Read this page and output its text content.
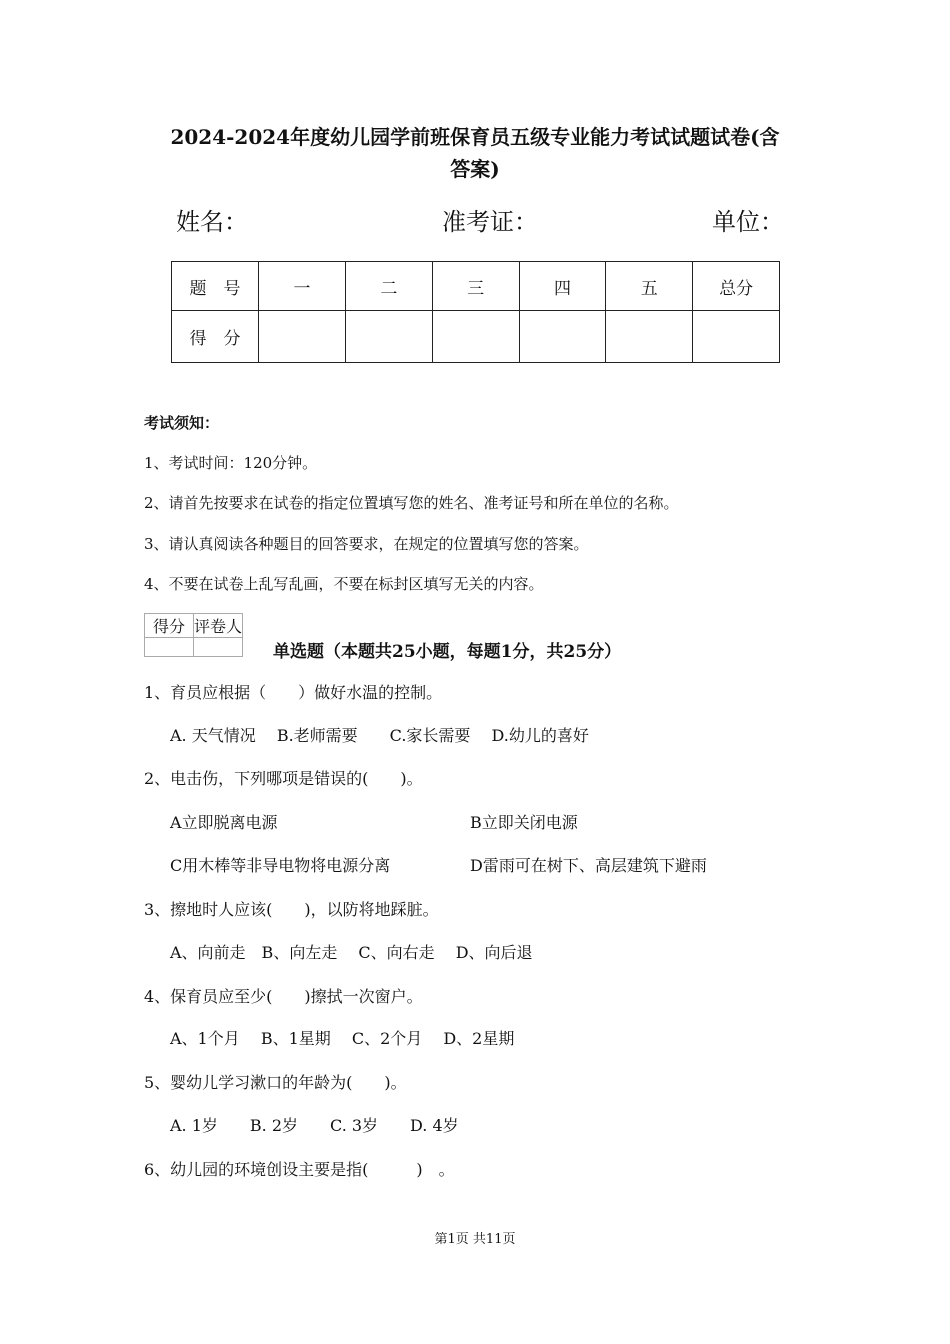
2024-2024年度幼儿园学前班保育员五级专业能力考试试题试卷(含
答案)
姓名：	准考证：	单位：
题　号	一	二	三	四	五	总分
得　分						
考试须知：
1、考试时间：120分钟。
2、请首先按要求在试卷的指定位置填写您的姓名、准考证号和所在单位的名称。
3、请认真阅读各种题目的回答要求，在规定的位置填写您的答案。
4、不要在试卷上乱写乱画，不要在标封区填写无关的内容。
得分	评卷人

单选题（本题共25小题，每题1分，共25分）
1、育员应根据（　　）做好水温的控制。
A. 天气情况　 B.老师需要　　C.家长需要　 D.幼儿的喜好
2、电击伤，下列哪项是错误的(　　)。
A立即脱离电源	B立即关闭电源
C用木棒等非导电物将电源分离	D雷雨可在树下、高层建筑下避雨
3、擦地时人应该(　　)，以防将地踩脏。
A、向前走　B、向左走　 C、向右走　 D、向后退
4、保育员应至少(　　)擦拭一次窗户。
A、1个月　 B、1星期　 C、2个月　 D、2星期
5、婴幼儿学习漱口的年龄为(　　)。
A. 1岁　　B. 2岁　　C. 3岁　　D. 4岁
6、幼儿园的环境创设主要是指(　　　)　。
第1页 共11页
